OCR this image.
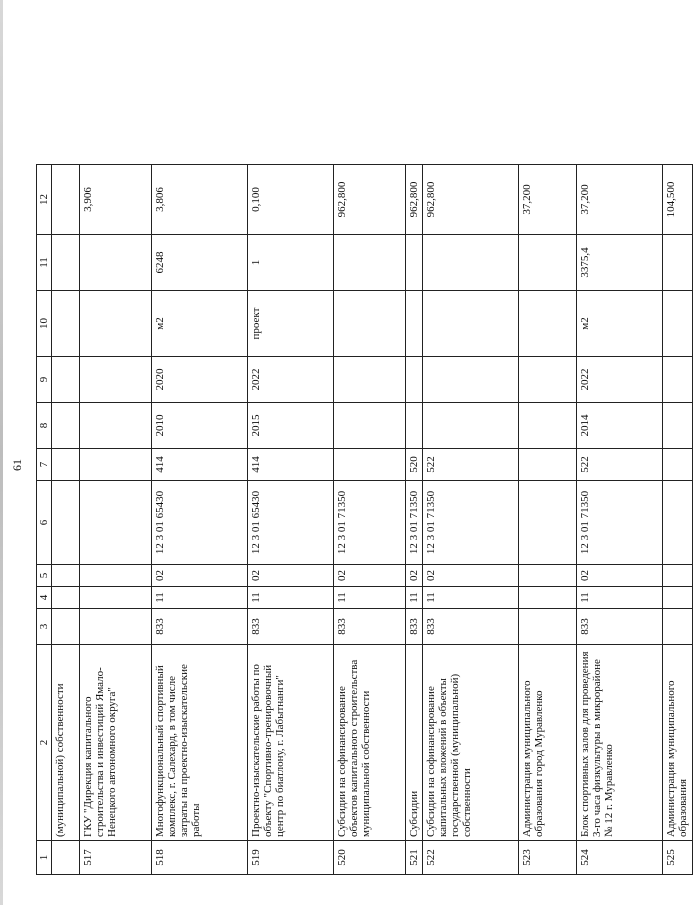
61
1	2	3	4	5	6	7	8	9	10	11	12
	(муниципальной) собственности										
517	ГКУ "Дирекция капитального строительства и инвестиций Ямало-Ненецкого автономного округа"										3,906
518	Многофункциональный спортивный комплекс, г. Салехард, в том числе затраты на проектно-изыскательские работы	833	11	02	12 3 01 65430	414	2010	2020	м2	6248	3,806
519	Проектно-изыскательские работы по объекту "Спортивно-тренировочный центр по биатлону, г. Лабытнанги"	833	11	02	12 3 01 65430	414	2015	2022	проект	1	0,100
520	Субсидии на софинансирование объектов капитального строительства муниципальной собственности	833	11	02	12 3 01 71350						962,800
521	Субсидии	833	11	02	12 3 01 71350	520					962,800
522	Субсидии на софинансирование капитальных вложений в объекты государственной (муниципальной) собственности	833	11	02	12 3 01 71350	522					962,800
523	Администрация муниципального образования город Муравленко										37,200
524	Блок спортивных залов для проведения 3-го часа физкультуры в микрорайоне № 12 г. Муравленко	833	11	02	12 3 01 71350	522	2014	2022	м2	3375,4	37,200
525	Администрация муниципального образования										104,500
